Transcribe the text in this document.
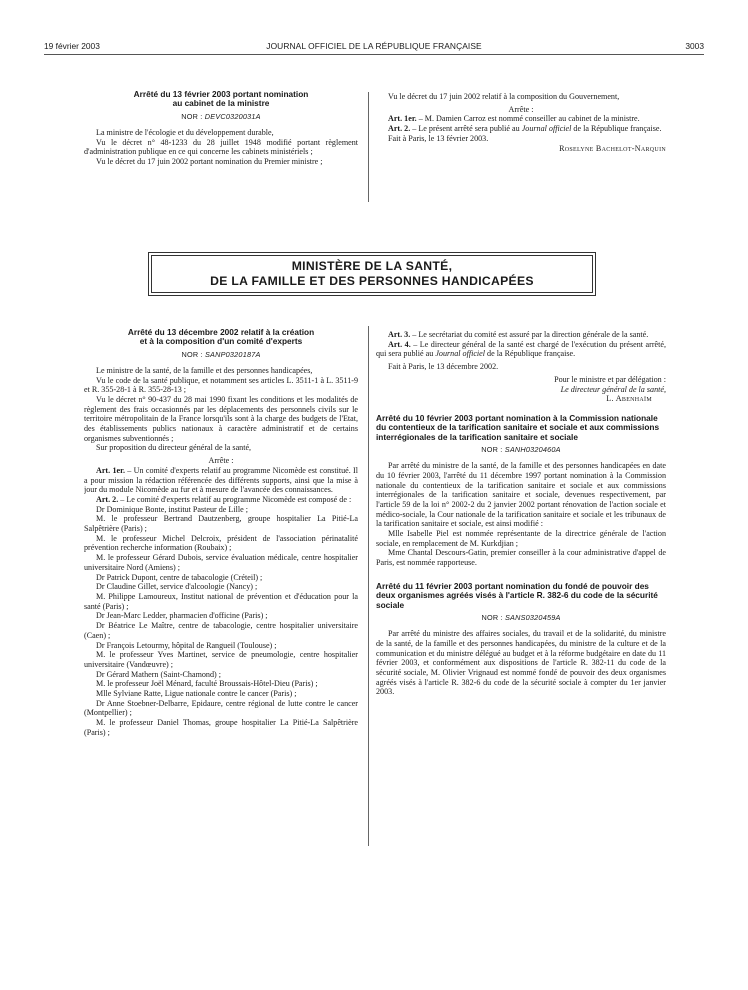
19 février 2003	JOURNAL OFFICIEL DE LA RÉPUBLIQUE FRANÇAISE	3003
Arrêté du 13 février 2003 portant nomination
au cabinet de la ministre
NOR : DEVC0320031A

La ministre de l'écologie et du développement durable,

Vu le décret n° 48-1233 du 28 juillet 1948 modifié portant règlement d'administration publique en ce qui concerne les cabinets ministériels ;

Vu le décret du 17 juin 2002 portant nomination du Premier ministre ;

Vu le décret du 17 juin 2002 relatif à la composition du Gouvernement,

Arrête :

Art. 1er. – M. Damien Carroz est nommé conseiller au cabinet de la ministre.

Art. 2. – Le présent arrêté sera publié au Journal officiel de la République française.

Fait à Paris, le 13 février 2003.

Roselyne Bachelot-Narquin

MINISTÈRE DE LA SANTÉ,
DE LA FAMILLE ET DES PERSONNES HANDICAPÉES
Arrêté du 13 décembre 2002 relatif à la création
et à la composition d'un comité d'experts
NOR : SANP0320187A

Le ministre de la santé, de la famille et des personnes handicapées,

Vu le code de la santé publique, et notamment ses articles L. 3511-1 à L. 3511-9 et R. 355-28-1 à R. 355-28-13 ;

Vu le décret n° 90-437 du 28 mai 1990 fixant les conditions et les modalités de règlement des frais occasionnés par les déplacements des personnels civils sur le territoire métropolitain de la France lorsqu'ils sont à la charge des budgets de l'Etat, des établissements publics nationaux à caractère administratif et de certains organismes subventionnés ;

Sur proposition du directeur général de la santé,

Arrête :

Art. 1er. – Un comité d'experts relatif au programme Nicomède est constitué. Il a pour mission la rédaction référencée des différents supports, ainsi que la mise à jour du module Nicomède au fur et à mesure de l'avancée des connaissances.

Art. 2. – Le comité d'experts relatif au programme Nicomède est composé de :

Dr Dominique Bonte, institut Pasteur de Lille ;

M. le professeur Bertrand Dautzenberg, groupe hospitalier La Pitié-La Salpêtrière (Paris) ;

M. le professeur Michel Delcroix, président de l'association périnatalité prévention recherche information (Roubaix) ;

M. le professeur Gérard Dubois, service évaluation médicale, centre hospitalier universitaire Nord (Amiens) ;

Dr Patrick Dupont, centre de tabacologie (Créteil) ;

Dr Claudine Gillet, service d'alcoologie (Nancy) ;

M. Philippe Lamoureux, Institut national de prévention et d'éducation pour la santé (Paris) ;

Dr Jean-Marc Ledder, pharmacien d'officine (Paris) ;

Dr Béatrice Le Maître, centre de tabacologie, centre hospitalier universitaire (Caen) ;

Dr François Letourmy, hôpital de Rangueil (Toulouse) ;

M. le professeur Yves Martinet, service de pneumologie, centre hospitalier universitaire (Vandœuvre) ;

Dr Gérard Mathern (Saint-Chamond) ;

M. le professeur Joël Ménard, faculté Broussais-Hôtel-Dieu (Paris) ;

Mlle Sylviane Ratte, Ligue nationale contre le cancer (Paris) ;

Dr Anne Stoebner-Delbarre, Epidaure, centre régional de lutte contre le cancer (Montpellier) ;

M. le professeur Daniel Thomas, groupe hospitalier La Pitié-La Salpêtrière (Paris) ;

Art. 3. – Le secrétariat du comité est assuré par la direction générale de la santé.

Art. 4. – Le directeur général de la santé est chargé de l'exécution du présent arrêté, qui sera publié au Journal officiel de la République française.

Fait à Paris, le 13 décembre 2002.

Pour le ministre et par délégation :

Le directeur général de la santé,

L. Abenhaïm

Arrêté du 10 février 2003 portant nomination à la Commission nationale du contentieux de la tarification sanitaire et sociale et aux commissions interrégionales de la tarification sanitaire et sociale
NOR : SANH0320460A

Par arrêté du ministre de la santé, de la famille et des personnes handicapées en date du 10 février 2003, l'arrêté du 11 décembre 1997 portant nomination à la Commission nationale du contentieux de la tarification sanitaire et sociale et aux commissions interrégionales de la tarification sanitaire et sociale, devenues respectivement, par l'article 59 de la loi n° 2002-2 du 2 janvier 2002 portant rénovation de l'action sociale et médico-sociale, la Cour nationale de la tarification sanitaire et sociale et les tribunaux de la tarification sanitaire et sociale, est ainsi modifié :

Mlle Isabelle Piel est nommée représentante de la directrice générale de l'action sociale, en remplacement de M. Kurkdjian ;

Mme Chantal Descours-Gatin, premier conseiller à la cour administrative d'appel de Paris, est nommée rapporteuse.

Arrêté du 11 février 2003 portant nomination du fondé de pouvoir des deux organismes agréés visés à l'article R. 382-6 du code de la sécurité sociale
NOR : SANS0320459A

Par arrêté du ministre des affaires sociales, du travail et de la solidarité, du ministre de la santé, de la famille et des personnes handicapées, du ministre de la culture et de la communication et du ministre délégué au budget et à la réforme budgétaire en date du 11 février 2003, et conformément aux dispositions de l'article R. 382-11 du code de la sécurité sociale, M. Olivier Vrignaud est nommé fondé de pouvoir des deux organismes agréés visés à l'article R. 382-6 du code de la sécurité sociale à compter du 1er janvier 2003.
